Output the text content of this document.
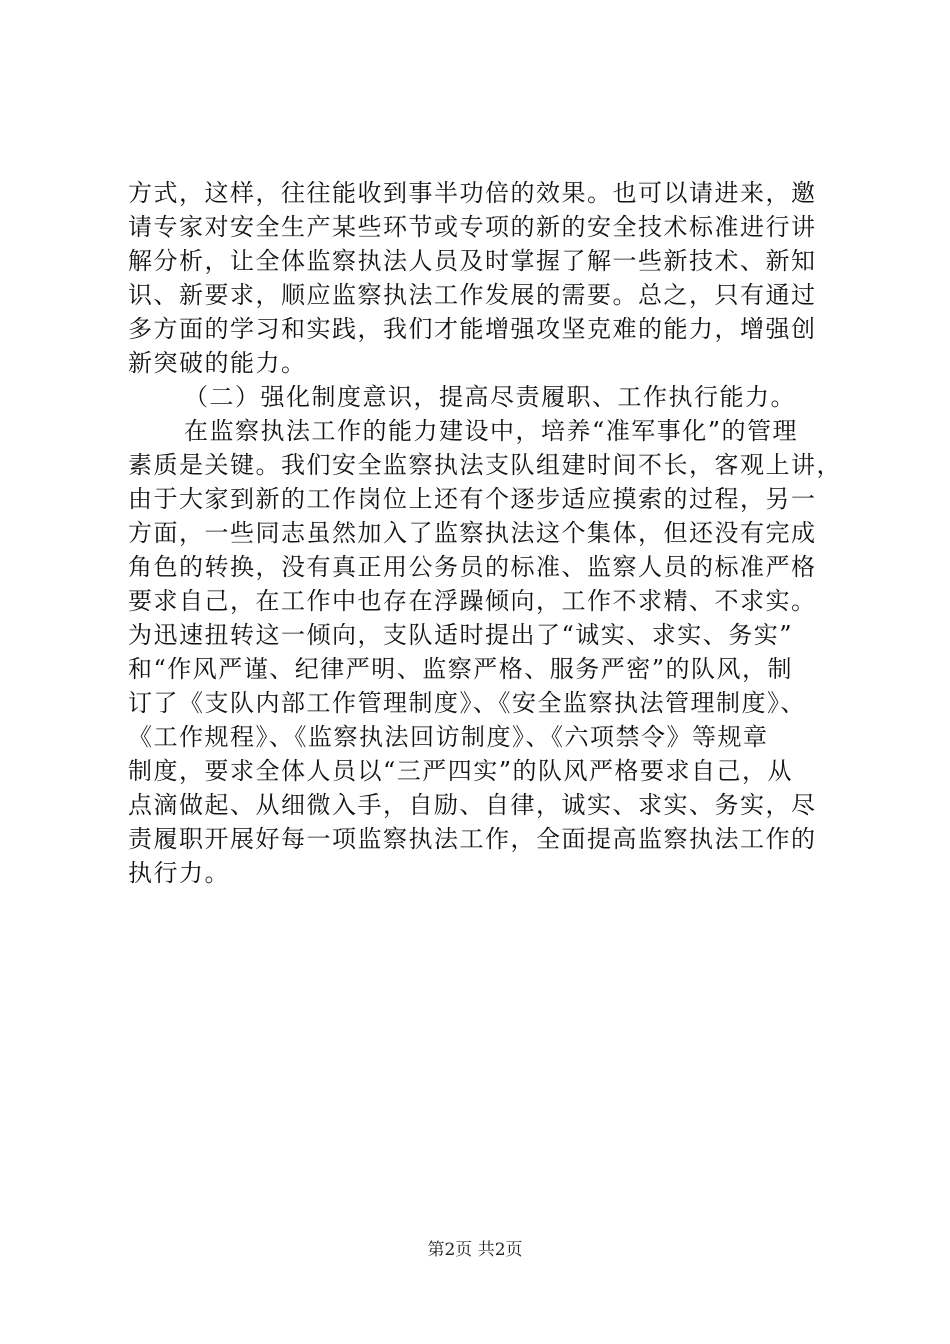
方式，这样，往往能收到事半功倍的效果。也可以请进来，邀
请专家对安全生产某些环节或专项的新的安全技术标准进行讲
解分析，让全体监察执法人员及时掌握了解一些新技术、新知
识、新要求，顺应监察执法工作发展的需要。总之，只有通过
多方面的学习和实践，我们才能增强攻坚克难的能力，增强创
新突破的能力。
（二）强化制度意识，提高尽责履职、工作执行能力。
在监察执法工作的能力建设中，培养“准军事化”的管理
素质是关键。我们安全监察执法支队组建时间不长，客观上讲，
由于大家到新的工作岗位上还有个逐步适应摸索的过程，另一
方面，一些同志虽然加入了监察执法这个集体，但还没有完成
角色的转换，没有真正用公务员的标准、监察人员的标准严格
要求自己，在工作中也存在浮躁倾向，工作不求精、不求实。
为迅速扭转这一倾向，支队适时提出了“诚实、求实、务实”
和“作风严谨、纪律严明、监察严格、服务严密”的队风，制
订了《支队内部工作管理制度》、《安全监察执法管理制度》、
《工作规程》、《监察执法回访制度》、《六项禁令》等规章
制度，要求全体人员以“三严四实”的队风严格要求自己，从
点滴做起、从细微入手，自励、自律，诚实、求实、务实，尽
责履职开展好每一项监察执法工作，全面提高监察执法工作的
执行力。
第2页 共2页
